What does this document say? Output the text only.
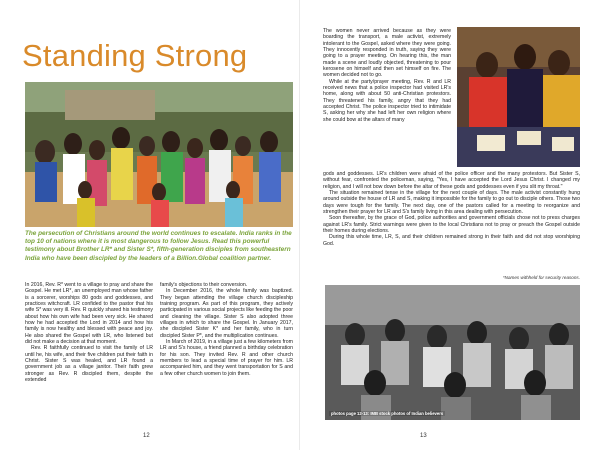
Standing Strong

The persecution of Christians around the world continues to escalate. India ranks in the top 10 of nations where it is most dangerous to follow Jesus. Read this powerful testimony about Brother LR* and Sister S*, fifth-generation disciples from southeastern India who have been discipled by the leaders of a Billion.Global coalition partner.

In 2016, Rev. R* went to a village to pray and share the Gospel. He met LR*, an unemployed man whose father is a sorcerer, worships 80 gods and goddesses, and practices witchcraft. LR confided to the pastor that his wife S* was very ill. Rev. R quickly shared his testimony about how his own wife had been very sick. He shared how he had accepted the Lord in 2014 and how his family is now healthy and blessed with peace and joy. He also shared the Gospel with LR, who listened but did not make a decision at that moment.

Rev. R faithfully continued to visit the family of LR until he, his wife, and their five children put their faith in Christ. Sister S was healed, and LR found a government job as a village janitor. Their faith grew stronger as Rev. R discipled them, despite the extended

family's objections to their conversion.

In December 2016, the whole family was baptized. They began attending the village church discipleship training program. As part of this program, they actively participated in various social projects like feeding the poor and cleaning the village. Sister S also adopted three villages in which to share the Gospel. In January 2017, she discipled Sister K* and her family, who in turn discipled Sister P*, and the multiplication continues.

In March of 2019, in a village just a few kilometers from LR and S's house, a friend planned a birthday celebration for his son. They invited Rev. R and other church members to lead a special time of prayer for him. LR accompanied him, and they went transportation for S and a few other church women to join them.

12

The women never arrived because as they were boarding the transport, a male activist, extremely intolerant to the Gospel, asked where they were going. They innocently responded in truth, saying they were going to a prayer meeting. On hearing this, the man made a scene and loudly objected, threatening to pour kerosene on himself and then set himself on fire. The women decided not to go.

While at the party/prayer meeting, Rev. R and LR received news that a police inspector had visited LR's home, along with about 50 anti-Christian protestors. They threatened his family, angry that they had accepted Christ. The police inspector tried to intimidate S, asking her why she had left her own religion where she could bow at the altars of many

gods and goddesses. LR's children were afraid of the police officer and the many protestors. But Sister S, without fear, confronted the policeman, saying, "Yes, I have accepted the Lord Jesus Christ. I changed my religion, and I will not bow down before the altar of these gods and goddesses even if you slit my throat."

The situation remained tense in the village for the next couple of days. The male activist constantly hung around outside the house of LR and S, making it impossible for the family to go out to disciple others. Those two days were tough for the family. The next day, one of the pastors called for a meeting to reorganize and strengthen their prayer for LR and S's family living in this area dealing with persecution.

Soon thereafter, by the grace of God, police authorities and government officials chose not to press charges against LR's family. Strict warnings were given to the local Christians not to pray or preach the Gospel outside their homes during elections.

During this whole time, LR, S, and their children remained strong in their faith and did not stop worshiping God.

*Names withheld for security reasons.

photos page 12-13: IMB stock photos of Indian believers
13
